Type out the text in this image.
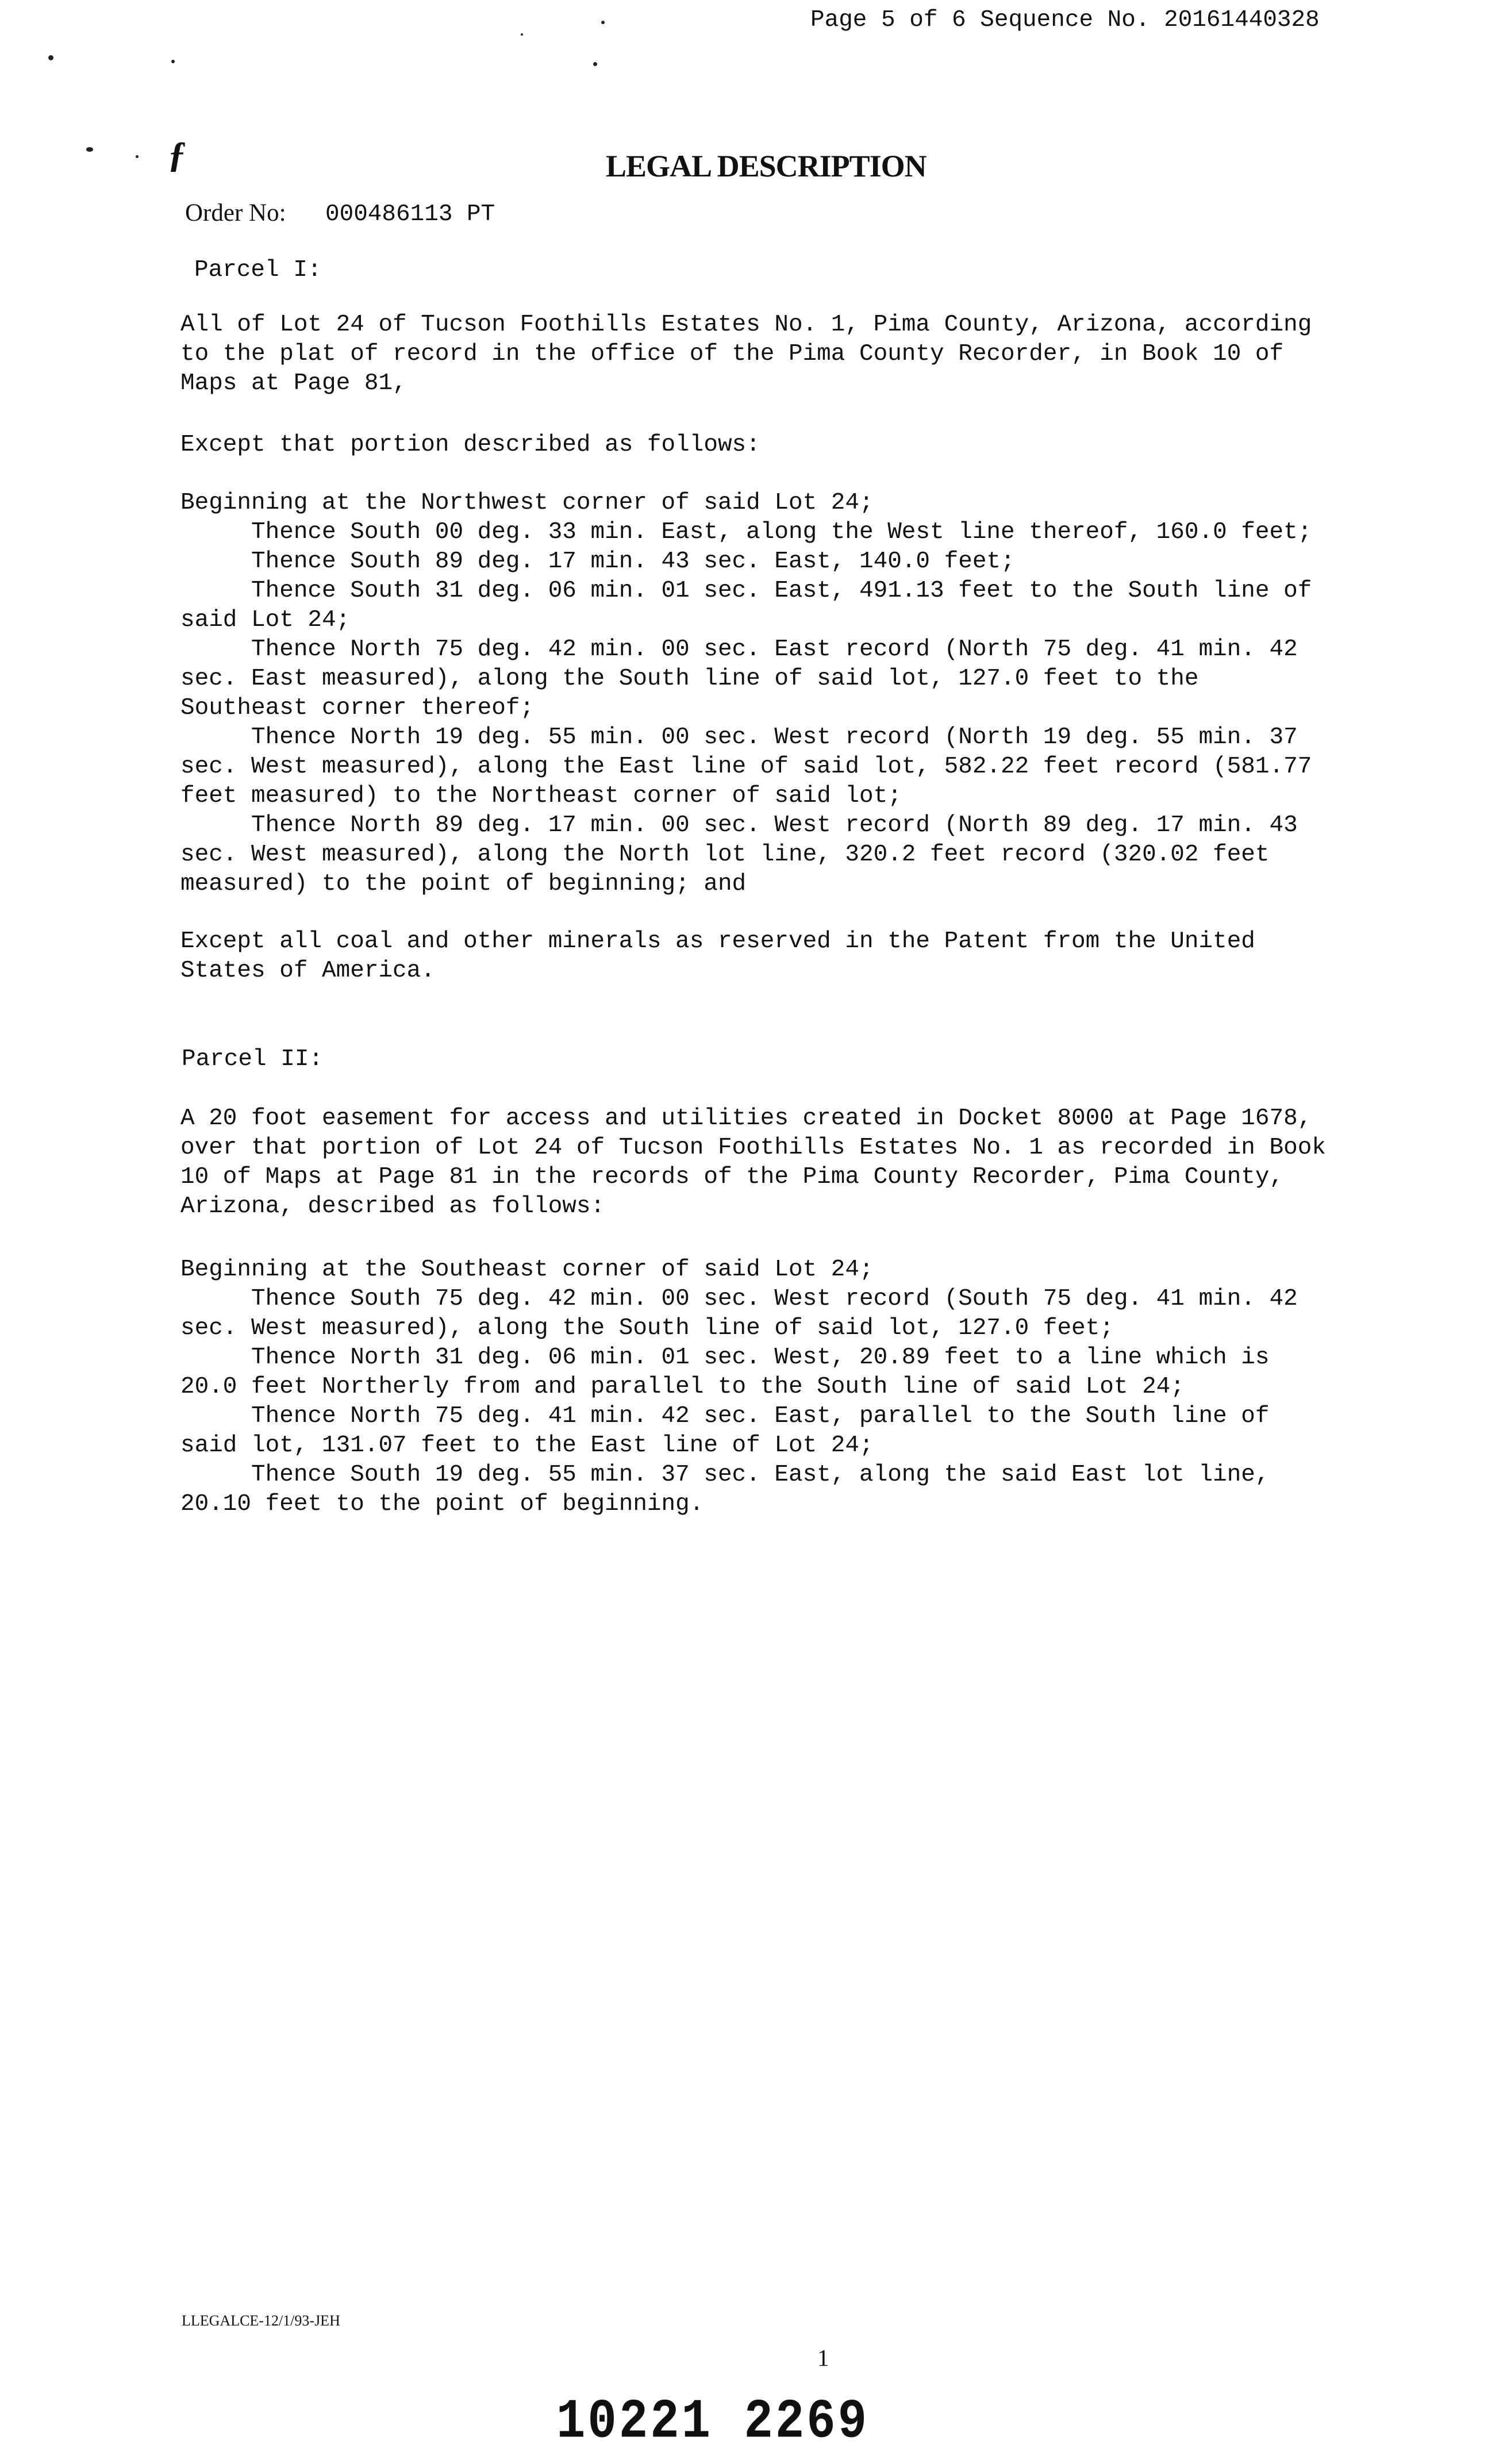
Page 5 of 6 Sequence No. 20161440328
ƒ	LEGAL DESCRIPTION
Order No: 000486113 PT
Parcel I:

All of Lot 24 of Tucson Foothills Estates No. 1, Pima County, Arizona, according

to the plat of record in the office of the Pima County Recorder, in Book 10 of

Maps at Page 81,

Except that portion described as follows:

Beginning at the Northwest corner of said Lot 24;

Thence South 00 deg. 33 min. East, along the West line thereof, 160.0 feet;

Thence South 89 deg. 17 min. 43 sec. East, 140.0 feet;

Thence South 31 deg. 06 min. 01 sec. East, 491.13 feet to the South line of

said Lot 24;

Thence North 75 deg. 42 min. 00 sec. East record (North 75 deg. 41 min. 42

sec. East measured), along the South line of said lot, 127.0 feet to the

Southeast corner thereof;

Thence North 19 deg. 55 min. 00 sec. West record (North 19 deg. 55 min. 37

sec. West measured), along the East line of said lot, 582.22 feet record (581.77

feet measured) to the Northeast corner of said lot;

Thence North 89 deg. 17 min. 00 sec. West record (North 89 deg. 17 min. 43

sec. West measured), along the North lot line, 320.2 feet record (320.02 feet

measured) to the point of beginning; and

Except all coal and other minerals as reserved in the Patent from the United

States of America.

Parcel II:

A 20 foot easement for access and utilities created in Docket 8000 at Page 1678,

over that portion of Lot 24 of Tucson Foothills Estates No. 1 as recorded in Book

10 of Maps at Page 81 in the records of the Pima County Recorder, Pima County,

Arizona, described as follows:

Beginning at the Southeast corner of said Lot 24;

Thence South 75 deg. 42 min. 00 sec. West record (South 75 deg. 41 min. 42

sec. West measured), along the South line of said lot, 127.0 feet;

Thence North 31 deg. 06 min. 01 sec. West, 20.89 feet to a line which is

20.0 feet Northerly from and parallel to the South line of said Lot 24;

Thence North 75 deg. 41 min. 42 sec. East, parallel to the South line of

said lot, 131.07 feet to the East line of Lot 24;

Thence South 19 deg. 55 min. 37 sec. East, along the said East lot line,

20.10 feet to the point of beginning.

LLEGALCE-12/1/93-JEH
1
10221 2269
